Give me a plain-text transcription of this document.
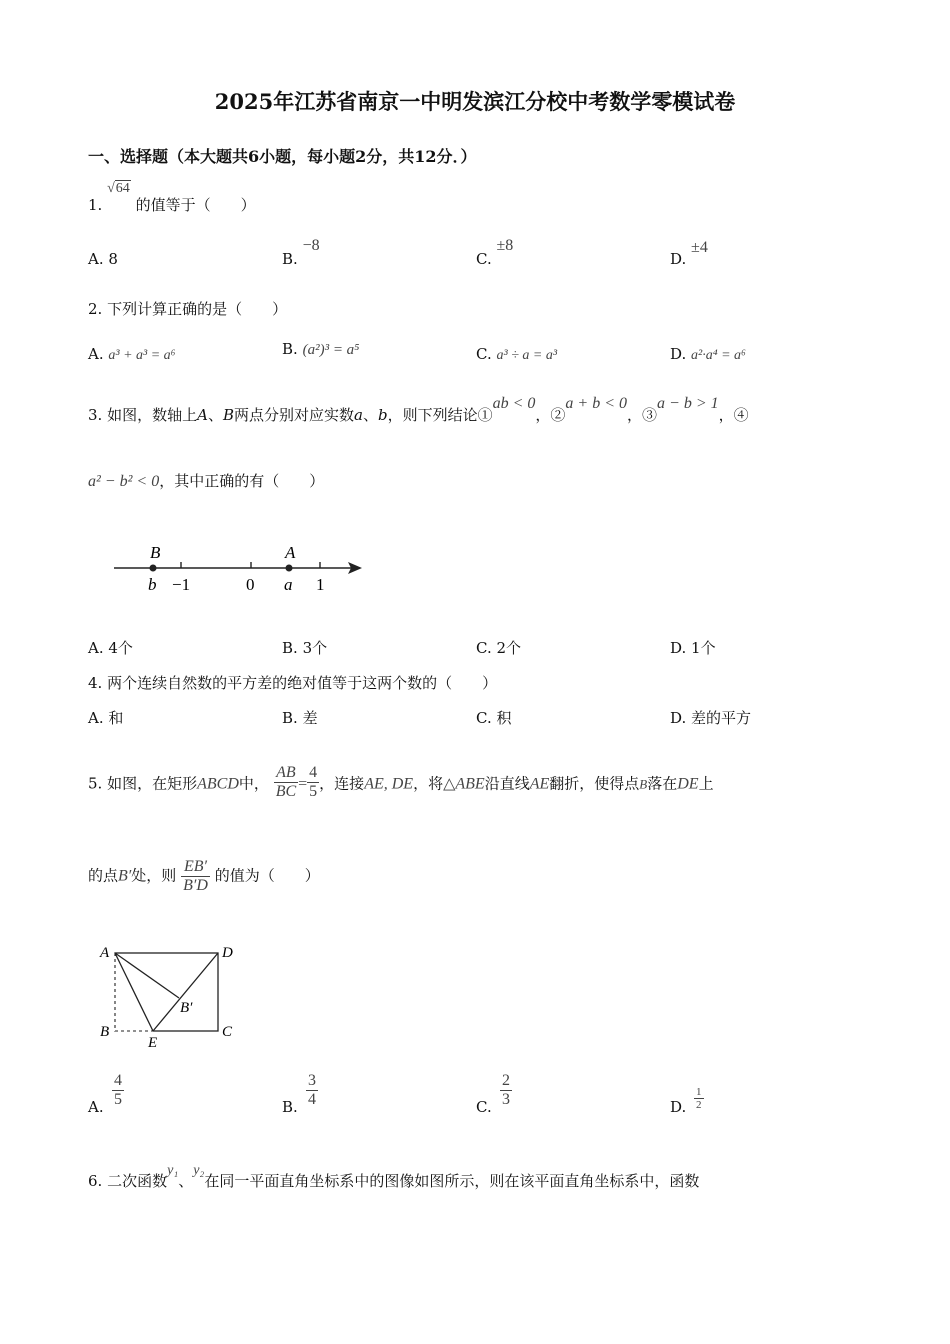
2025年江苏省南京一中明发滨江分校中考数学零模试卷
一、选择题（本大题共6小题，每小题2分，共12分．）
1. √64 的值等于（　　）
A. 8	B. −8
C. ±8
D. ±4
2. 下列计算正确的是（　　）
A. a³ + a³ = a⁶	B. (a²)³ = a⁵	C. a³ ÷ a = a³	D. a²·a⁴ = a⁶
3. 如图，数轴上A、B两点分别对应实数a、b，则下列结论①ab < 0，②a + b < 0，③a − b > 1，④
a² − b² < 0，其中正确的有（　　）
B	A
b −1	0 a 1
A. 4个	B. 3个	C. 2个	D. 1个
4. 两个连续自然数的平方差的绝对值等于这两个数的（　　）
A. 和	B. 差	C. 积	D. 差的平方
5. 如图，在矩形ABCD中， $\frac{AB}{BC} = \frac{4}{5}$ ，连接AE, DE，将△ABE沿直线AE翻折，使得点B落在DE上
的点B′处，则 $\frac{EB'}{B'D}$ 的值为（　　）
A	D
B	C
E
B′
A. $\frac{4}{5}$	B. $\frac{3}{4}$	C. $\frac{2}{3}$	D. $\frac{1}{2}$
6. 二次函数y₁、y₂在同一平面直角坐标系中的图像如图所示，则在该平面直角坐标系中，函数
